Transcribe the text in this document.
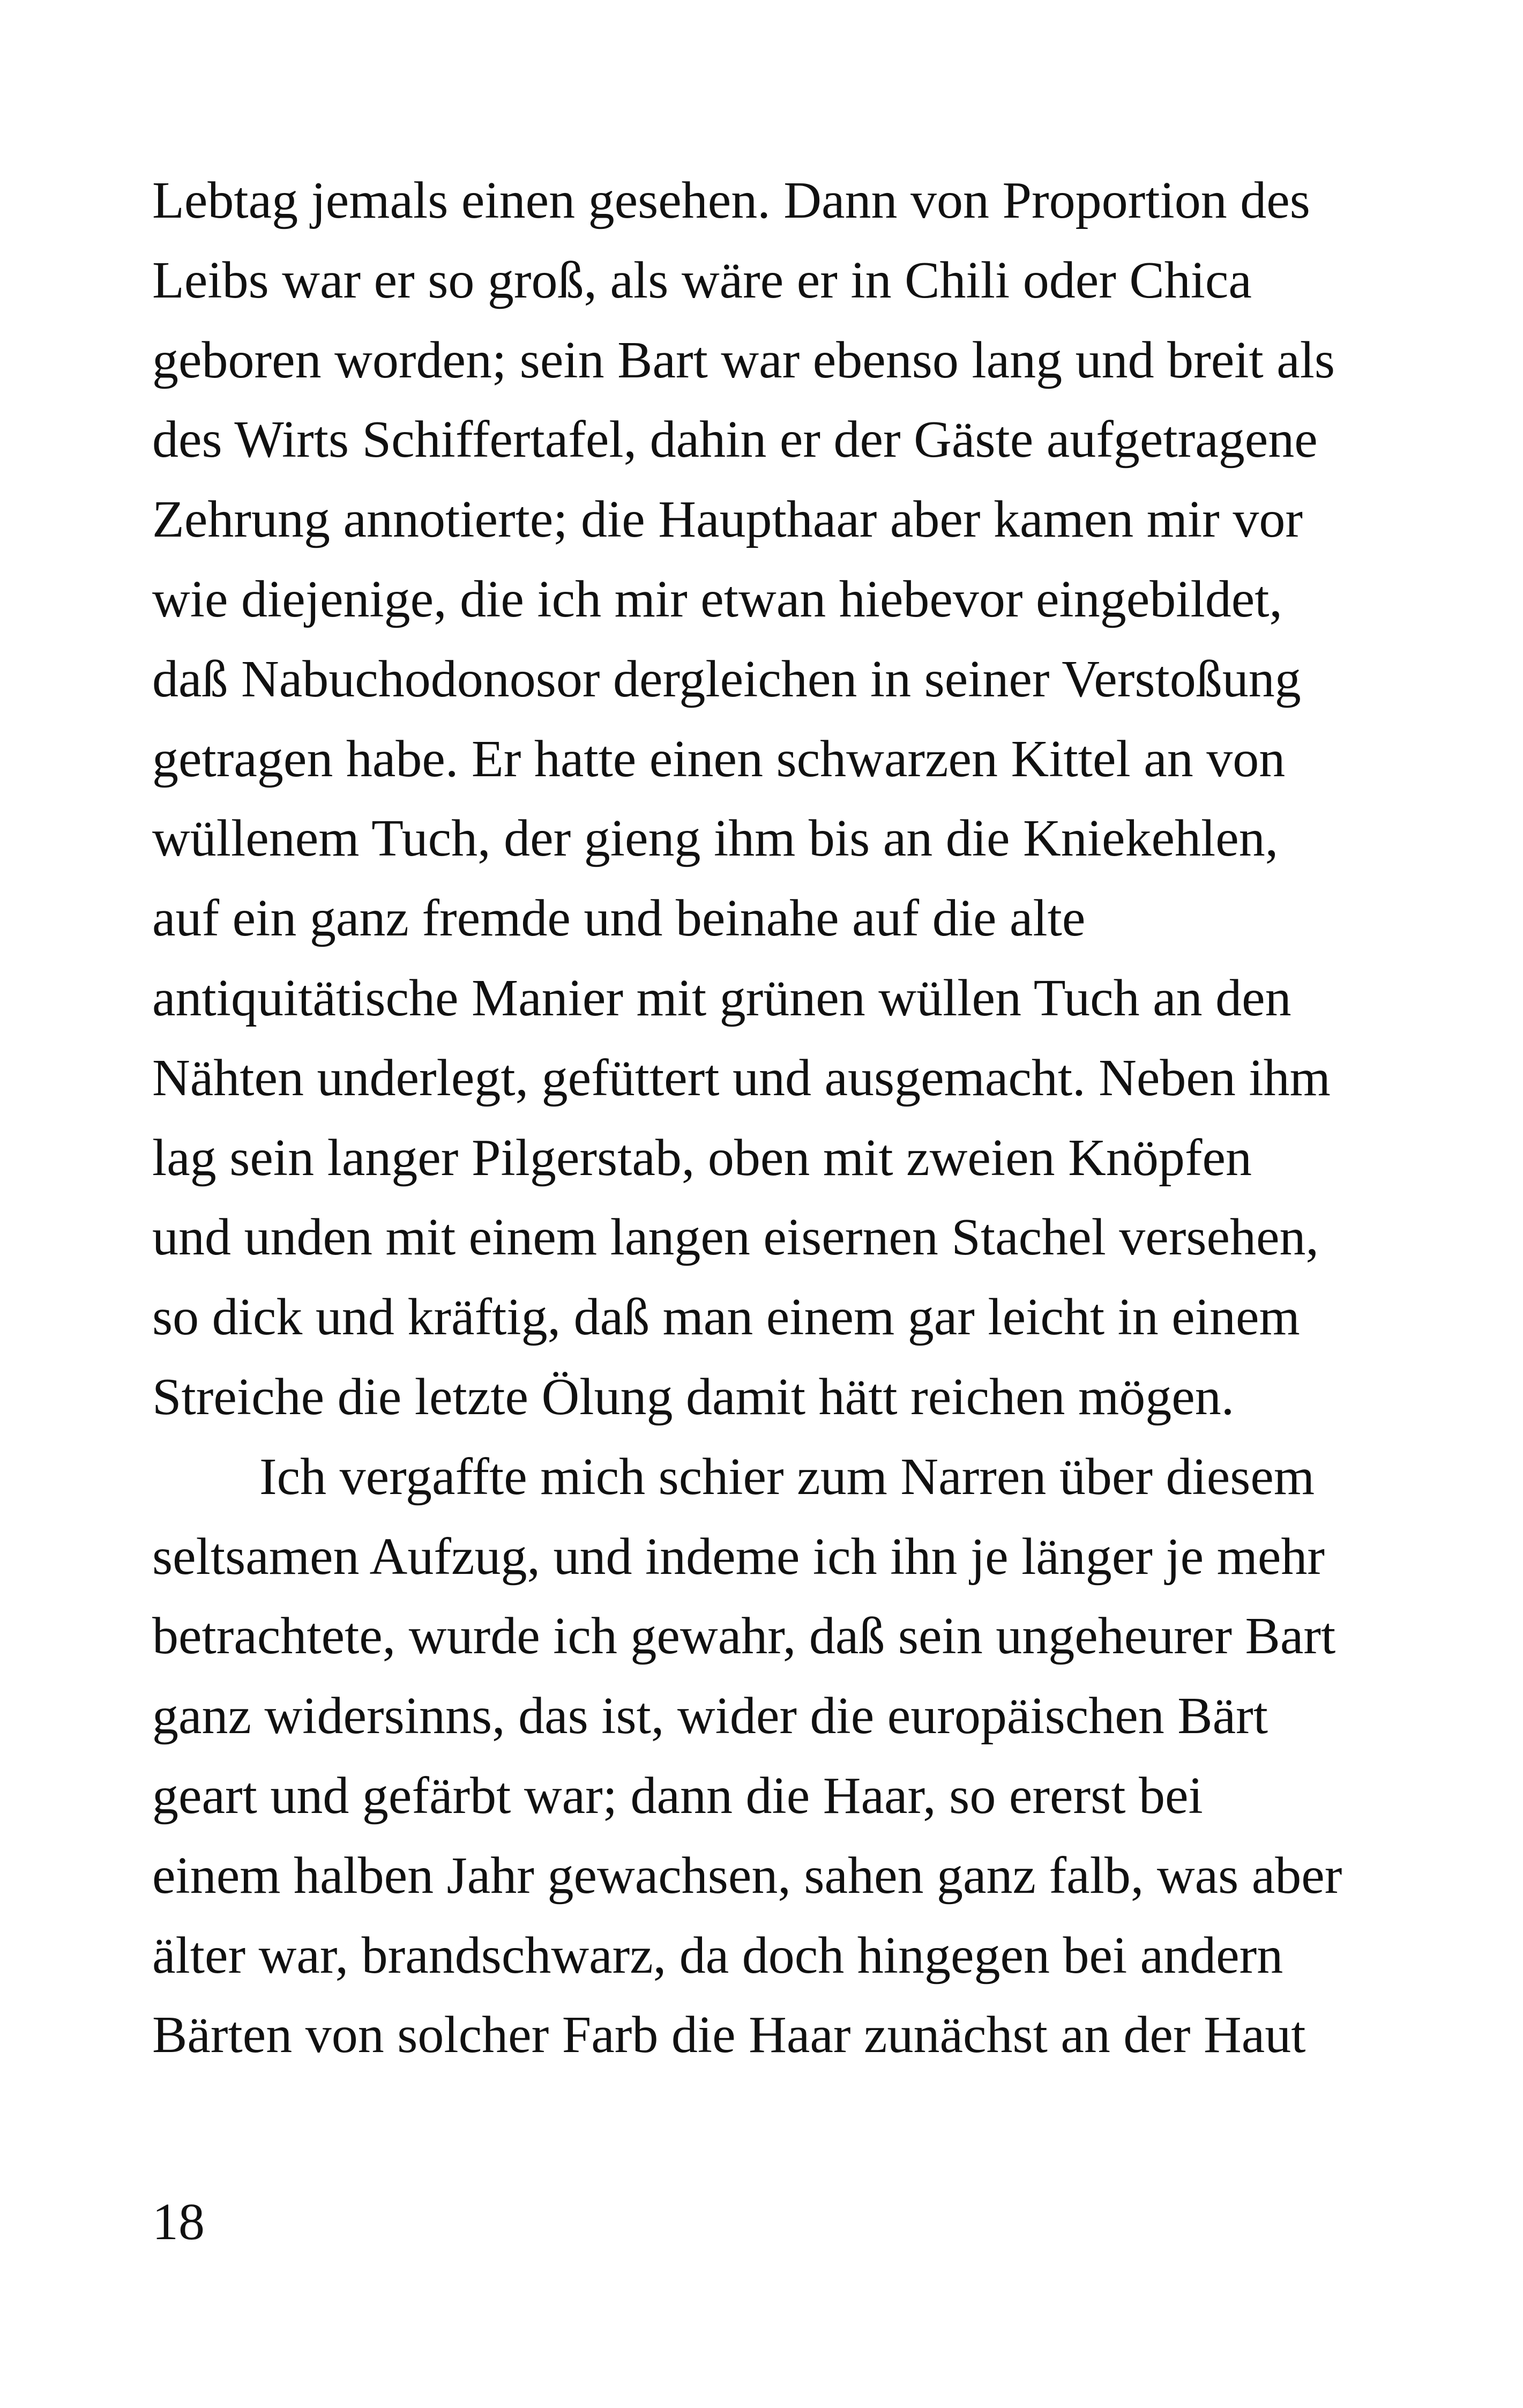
Lebtag jemals einen gesehen. Dann von Proportion des

Leibs war er so groß, als wäre er in Chili oder Chica

geboren worden; sein Bart war ebenso lang und breit als

des Wirts Schiffertafel, dahin er der Gäste aufgetragene

Zehrung annotierte; die Haupthaar aber kamen mir vor

wie diejenige, die ich mir etwan hiebevor eingebildet,

daß Nabuchodonosor dergleichen in seiner Verstoßung

getragen habe. Er hatte einen schwarzen Kittel an von

wüllenem Tuch, der gieng ihm bis an die Kniekehlen,

auf ein ganz fremde und beinahe auf die alte

antiquitätische Manier mit grünen wüllen Tuch an den

Nähten underlegt, gefüttert und ausgemacht. Neben ihm

lag sein langer Pilgerstab, oben mit zweien Knöpfen

und unden mit einem langen eisernen Stachel versehen,

so dick und kräftig, daß man einem gar leicht in einem

Streiche die letzte Ölung damit hätt reichen mögen.

Ich vergaffte mich schier zum Narren über diesem

seltsamen Aufzug, und indeme ich ihn je länger je mehr

betrachtete, wurde ich gewahr, daß sein ungeheurer Bart

ganz widersinns, das ist, wider die europäischen Bärt

geart und gefärbt war; dann die Haar, so ererst bei

einem halben Jahr gewachsen, sahen ganz falb, was aber

älter war, brandschwarz, da doch hingegen bei andern

Bärten von solcher Farb die Haar zunächst an der Haut

18
